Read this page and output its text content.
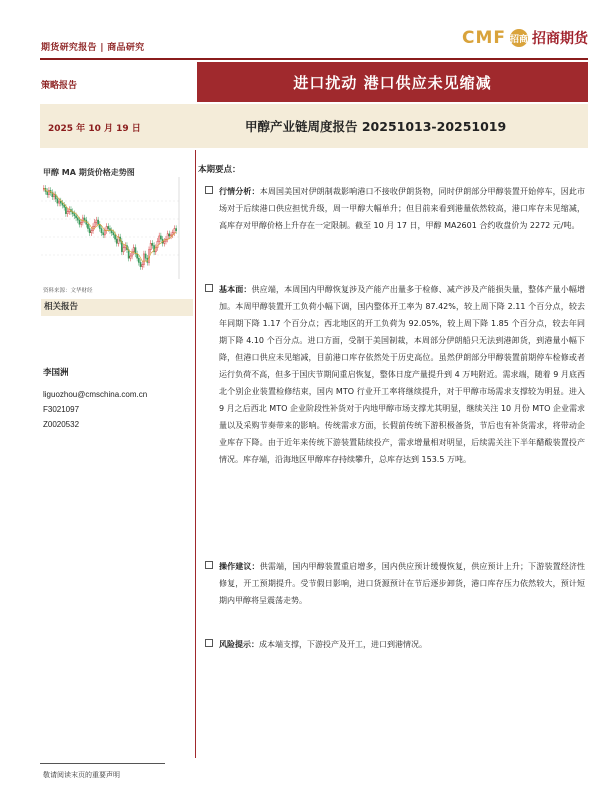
期货研究报告 | 商品研究	CMF 招商 招商期货
策略报告	进口扰动 港口供应未见缩减
2025 年 10 月 19 日	甲醇产业链周度报告 20251013-20251019
甲醇 MA 期货价格走势图
资料来源：文华财经
相关报告
李国洲
liguozhou@cmschina.com.cn
F3021097
Z0020532
本期要点：

行情分析：本周国美国对伊朗制裁影响港口不接收伊朗货物，同时伊朗部分甲醇装置开始停车，因此市场对于后续港口供应担忧升级，周一甲醇大幅单升；但目前来看到港量依然较高，港口库存未见缩减，高库存对甲醇价格上升存在一定限制。截至 10 月 17 日，甲醇 MA2601 合约收盘价为 2272 元/吨。

基本面：供应端，本周国内甲醇恢复涉及产能产出量多于检修、减产涉及产能损失量，整体产量小幅增加。本周甲醇装置开工负荷小幅下调，国内整体开工率为 87.42%，较上周下降 2.11 个百分点，较去年同期下降 1.17 个百分点；西北地区的开工负荷为 92.05%，较上周下降 1.85 个百分点，较去年同期下降 4.10 个百分点。进口方面，受制于美国制裁，本周部分伊朗船只无法到港卸货，到港量小幅下降，但港口供应未见缩减，目前港口库存依然处于历史高位。虽然伊朗部分甲醇装置前期停车检修或者运行负荷不高，但多于国庆节期间重启恢复，整体日度产量提升到 4 万吨附近。需求端，随着 9 月底西北个别企业装置检修结束，国内 MTO 行业开工率将继续提升，对于甲醇市场需求支撑较为明显。进入 9 月之后西北 MTO 企业阶段性补货对于内地甲醇市场支撑尤其明显，继续关注 10 月份 MTO 企业需求量以及采购节奏带来的影响。传统需求方面，长假前传统下游积极备货，节后也有补货需求，将带动企业库存下降。由于近年来传统下游装置陆续投产，需求增量相对明显，后续需关注下半年醋酸装置投产情况。库存端，沿海地区甲醇库存持续攀升，总库存达到 153.5 万吨。

操作建议：供需端，国内甲醇装置重启增多，国内供应预计缓慢恢复，供应预计上升；下游装置经济性修复，开工预期提升。受节假日影响，进口货源预计在节后逐步卸货，港口库存压力依然较大，预计短期内甲醇将呈震荡走势。

风险提示：成本端支撑，下游投产及开工，进口到港情况。

敬请阅读末页的重要声明
